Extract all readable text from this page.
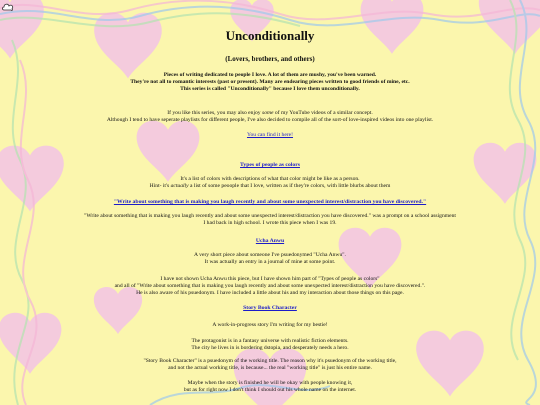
Unconditionally
(Lovers, brothers, and others)
Pieces of writing dedicated to people I love. A lot of them are mushy, you've been warned.
They're not all to romantic interests (past or present). Many are endearing pieces written to good friends of mine, etc.
This series is called "Unconditionally" because I love them unconditionally.
If you like this series, you may also enjoy some of my YouTube videos of a similar concept.
Although I tend to have seperate playlists for different people, I've also decided to compile all of the sort-of love-inspired videos into one playlist.
You can find it here!
Types of people as colors
It's a list of colors with descriptions of what that color might be like as a person.
Hint- it's actually a list of some peoople that I love, written as if they're colors, with little blurbs about them
"Write about something that is making you laugh recently and about some unexpected interest/distraction you have discovered."
"Write about something that is making you laugh recently and about some unexpected interest/distraction you have discovered." was a prompt on a school assignment
I had back in high school. I wrote this piece when I was 19.
Ucha Anwu
A very short piece about someone I've psuedonymed "Ucha Anwu".
It was actually an entry in a journal of mine at some point.
I have not shown Ucha Anwu this piece, but I have shown him part of "Types of people as colors"
and all of "Write about something that is making you laugh recently and about some unexpected interest/distraction you have discovered.".
He is also aware of his psuedonym. I have included a little about his and my interaction about those things on this page.
Story Book Character
A work-in-progress story I'm writing for my bestie!
The protagonist is in a fantasy universe with realistic fiction elements.
The city he lives in is bordering dstopia, and desperately needs a hero.
"Story Book Character" is a psuedonym of the working title. The reason why it's psuedonym of the working title,
and not the actual working title, is because... the real "working title" is just his entire name.
Maybe when the story is finished he will be okay with people knowing it,
but as for right now I don't think I should out his whole name on the internet.
